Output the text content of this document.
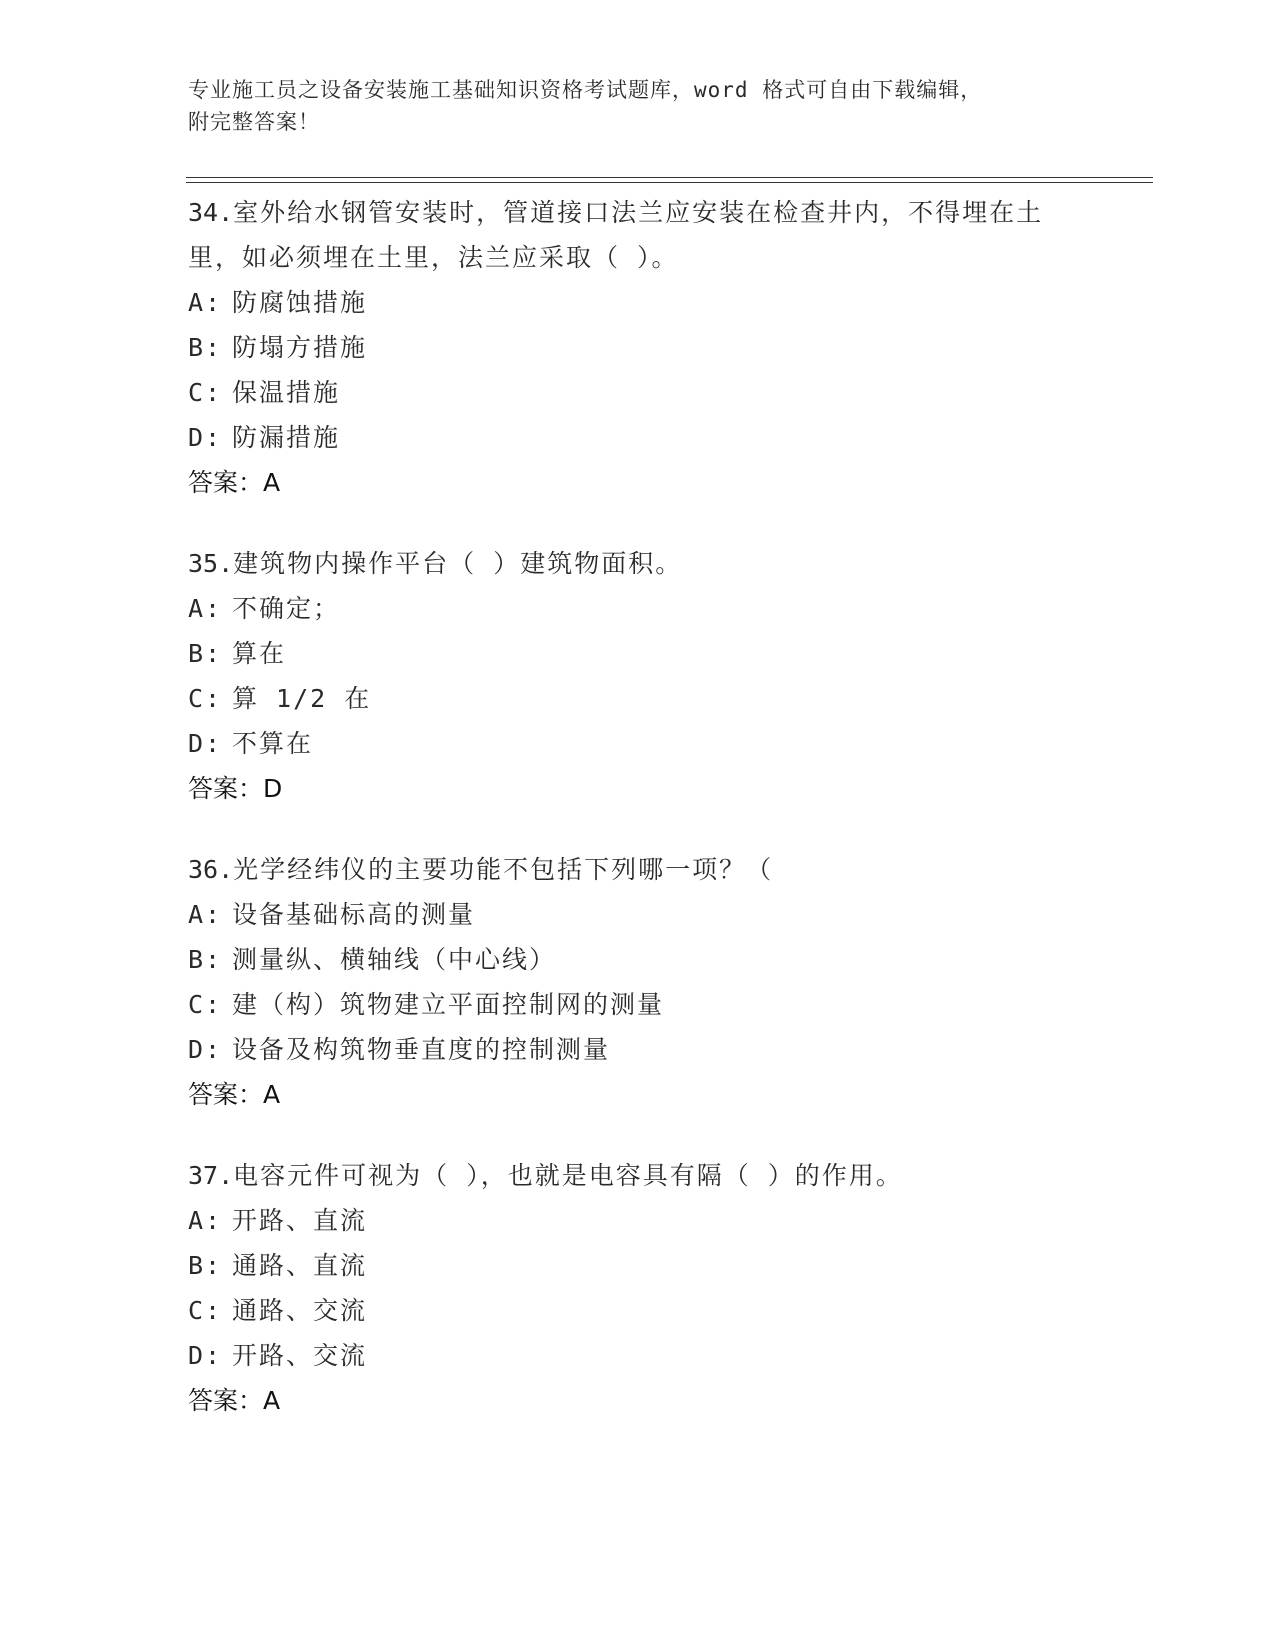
专业施工员之设备安装施工基础知识资格考试题库，word 格式可自由下载编辑，
附完整答案！
34.室外给水钢管安装时，管道接口法兰应安装在检查井内，不得埋在土里，如必须埋在土里，法兰应采取（ ）。
A: 防腐蚀措施
B: 防塌方措施
C: 保温措施
D: 防漏措施
答案：A
35.建筑物内操作平台（ ）建筑物面积。
A: 不确定；
B: 算在
C: 算 1/2 在
D: 不算在
答案：D
36.光学经纬仪的主要功能不包括下列哪一项？（
A: 设备基础标高的测量
B: 测量纵、横轴线（中心线）
C: 建（构）筑物建立平面控制网的测量
D: 设备及构筑物垂直度的控制测量
答案：A
37.电容元件可视为（ ），也就是电容具有隔（ ）的作用。
A: 开路、直流
B: 通路、直流
C: 通路、交流
D: 开路、交流
答案：A
